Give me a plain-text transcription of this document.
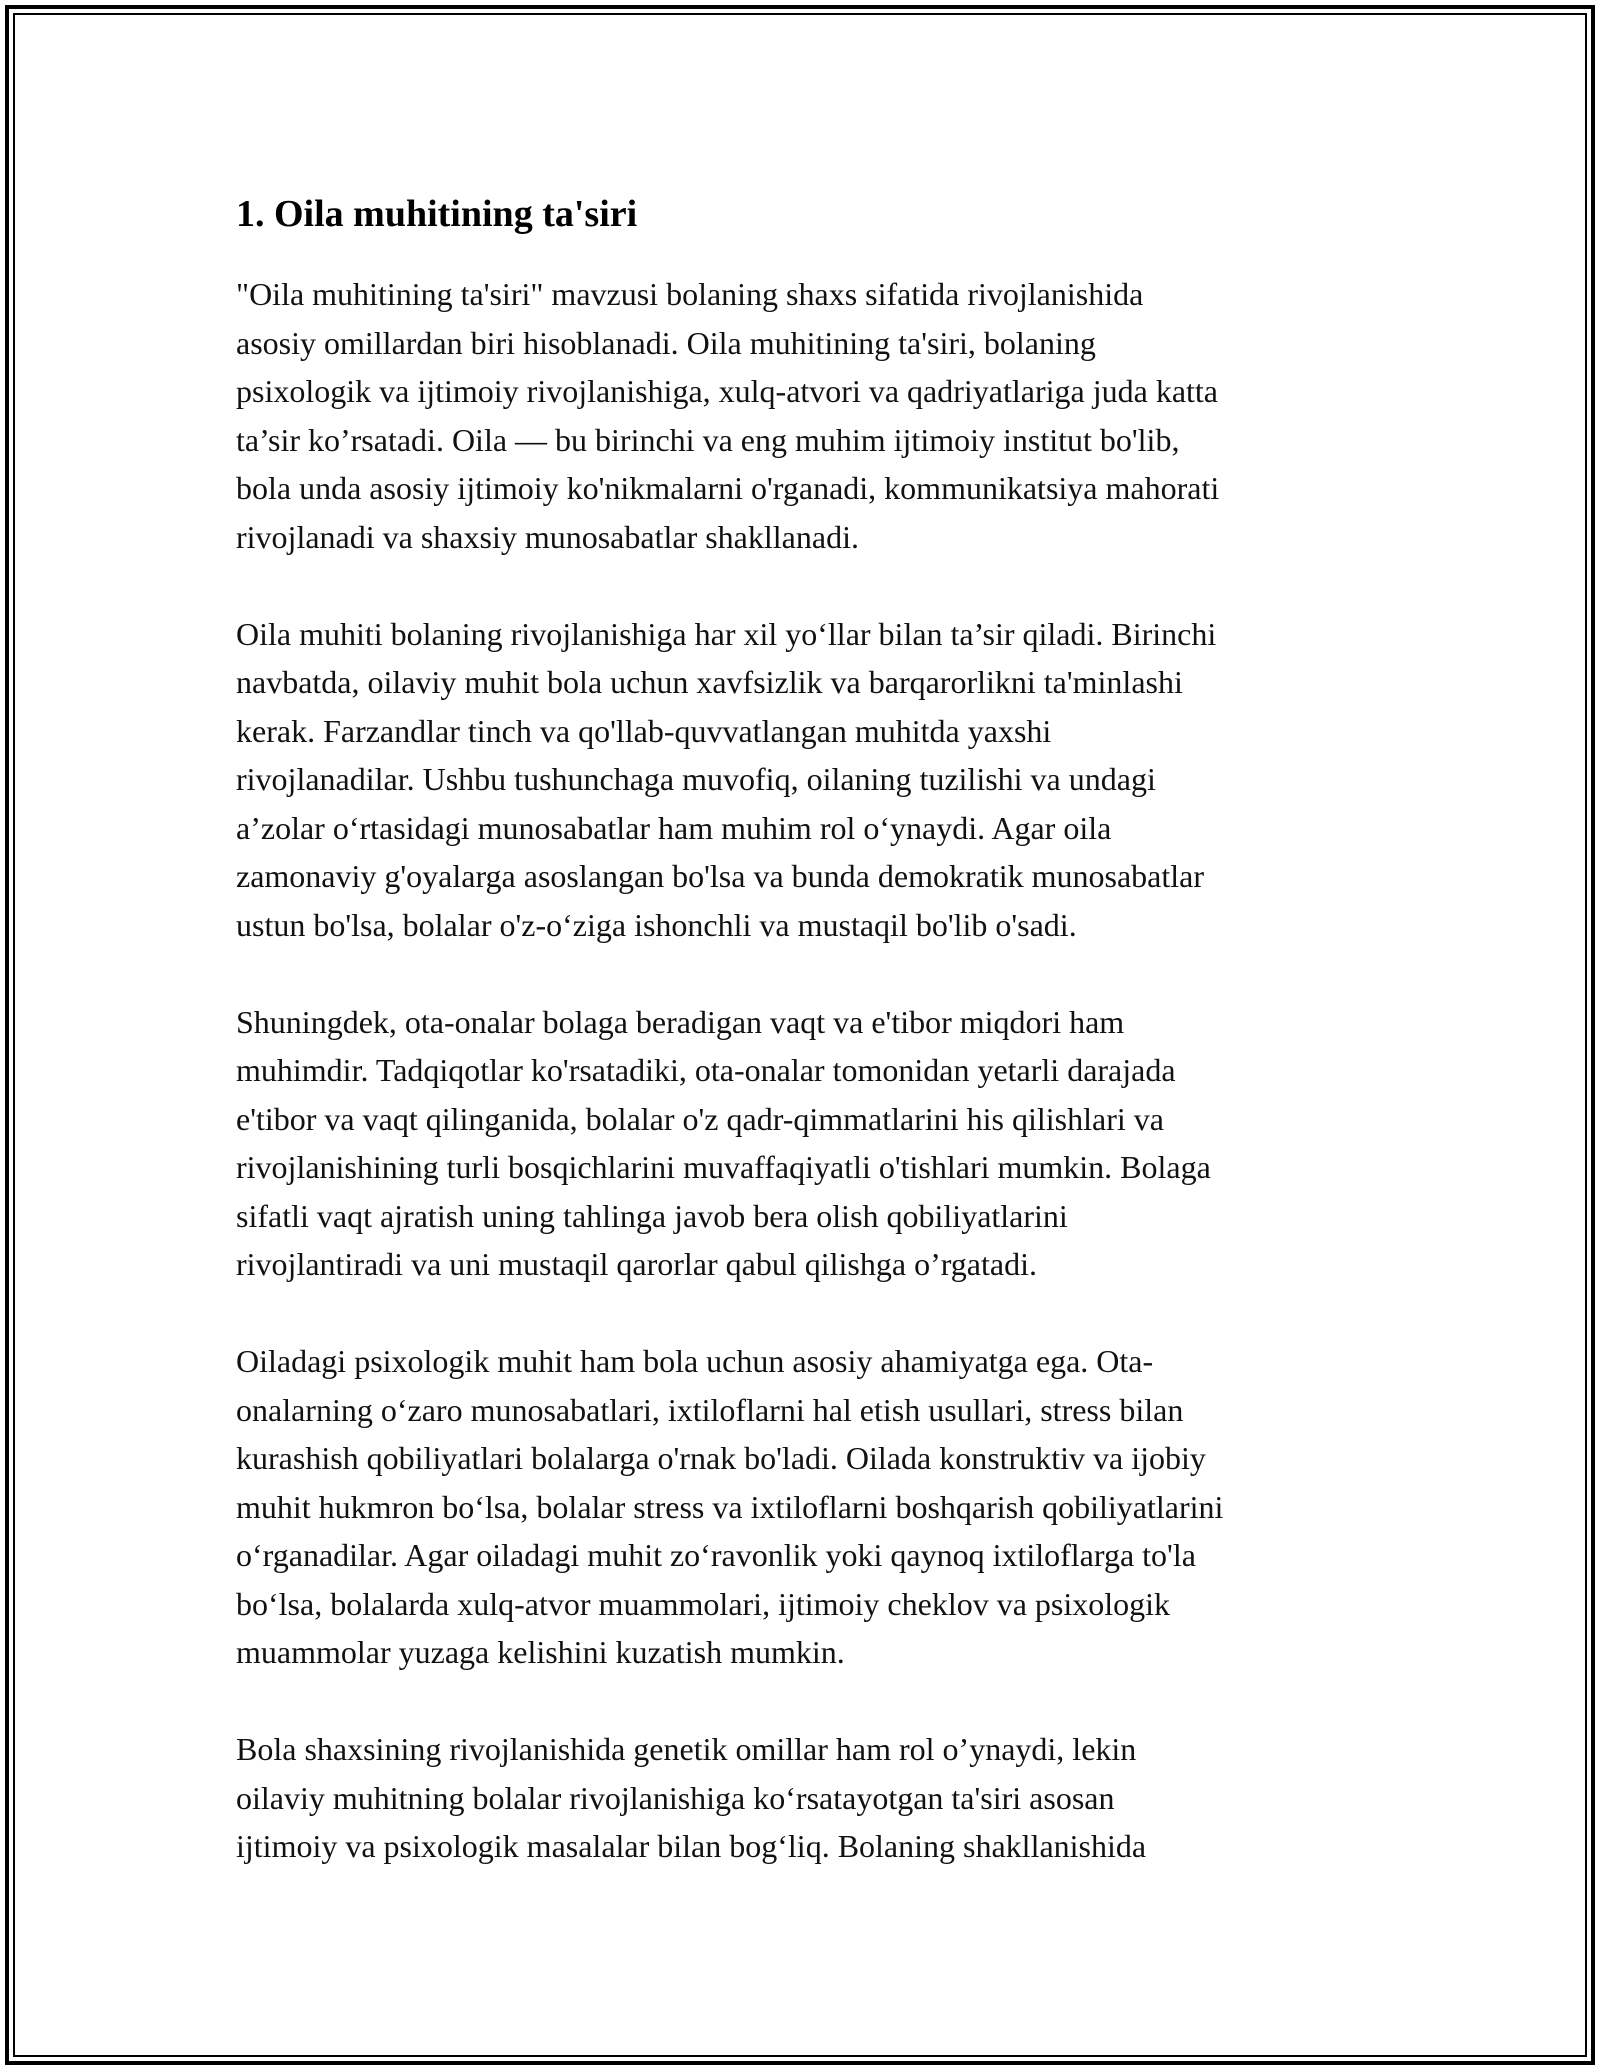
1. Oila muhitining ta'siri

"Oila muhitining ta'siri" mavzusi bolaning shaxs sifatida rivojlanishida
asosiy omillardan biri hisoblanadi. Oila muhitining ta'siri, bolaning
psixologik va ijtimoiy rivojlanishiga, xulq-atvori va qadriyatlariga juda katta
ta’sir ko’rsatadi. Oila — bu birinchi va eng muhim ijtimoiy institut bo'lib,
bola unda asosiy ijtimoiy ko'nikmalarni o'rganadi, kommunikatsiya mahorati
rivojlanadi va shaxsiy munosabatlar shakllanadi.

Oila muhiti bolaning rivojlanishiga har xil yo‘llar bilan ta’sir qiladi. Birinchi
navbatda, oilaviy muhit bola uchun xavfsizlik va barqarorlikni ta'minlashi
kerak. Farzandlar tinch va qo'llab-quvvatlangan muhitda yaxshi
rivojlanadilar. Ushbu tushunchaga muvofiq, oilaning tuzilishi va undagi
a’zolar o‘rtasidagi munosabatlar ham muhim rol o‘ynaydi. Agar oila
zamonaviy g'oyalarga asoslangan bo'lsa va bunda demokratik munosabatlar
ustun bo'lsa, bolalar o'z-o‘ziga ishonchli va mustaqil bo'lib o'sadi.

Shuningdek, ota-onalar bolaga beradigan vaqt va e'tibor miqdori ham
muhimdir. Tadqiqotlar ko'rsatadiki, ota-onalar tomonidan yetarli darajada
e'tibor va vaqt qilinganida, bolalar o'z qadr-qimmatlarini his qilishlari va
rivojlanishining turli bosqichlarini muvaffaqiyatli o'tishlari mumkin. Bolaga
sifatli vaqt ajratish uning tahlinga javob bera olish qobiliyatlarini
rivojlantiradi va uni mustaqil qarorlar qabul qilishga o’rgatadi.

Oiladagi psixologik muhit ham bola uchun asosiy ahamiyatga ega. Ota-
onalarning o‘zaro munosabatlari, ixtiloflarni hal etish usullari, stress bilan
kurashish qobiliyatlari bolalarga o'rnak bo'ladi. Oilada konstruktiv va ijobiy
muhit hukmron bo‘lsa, bolalar stress va ixtiloflarni boshqarish qobiliyatlarini
o‘rganadilar. Agar oiladagi muhit zo‘ravonlik yoki qaynoq ixtiloflarga to'la
bo‘lsa, bolalarda xulq-atvor muammolari, ijtimoiy cheklov va psixologik
muammolar yuzaga kelishini kuzatish mumkin.

Bola shaxsining rivojlanishida genetik omillar ham rol o’ynaydi, lekin
oilaviy muhitning bolalar rivojlanishiga ko‘rsatayotgan ta'siri asosan
ijtimoiy va psixologik masalalar bilan bog‘liq. Bolaning shakllanishida
